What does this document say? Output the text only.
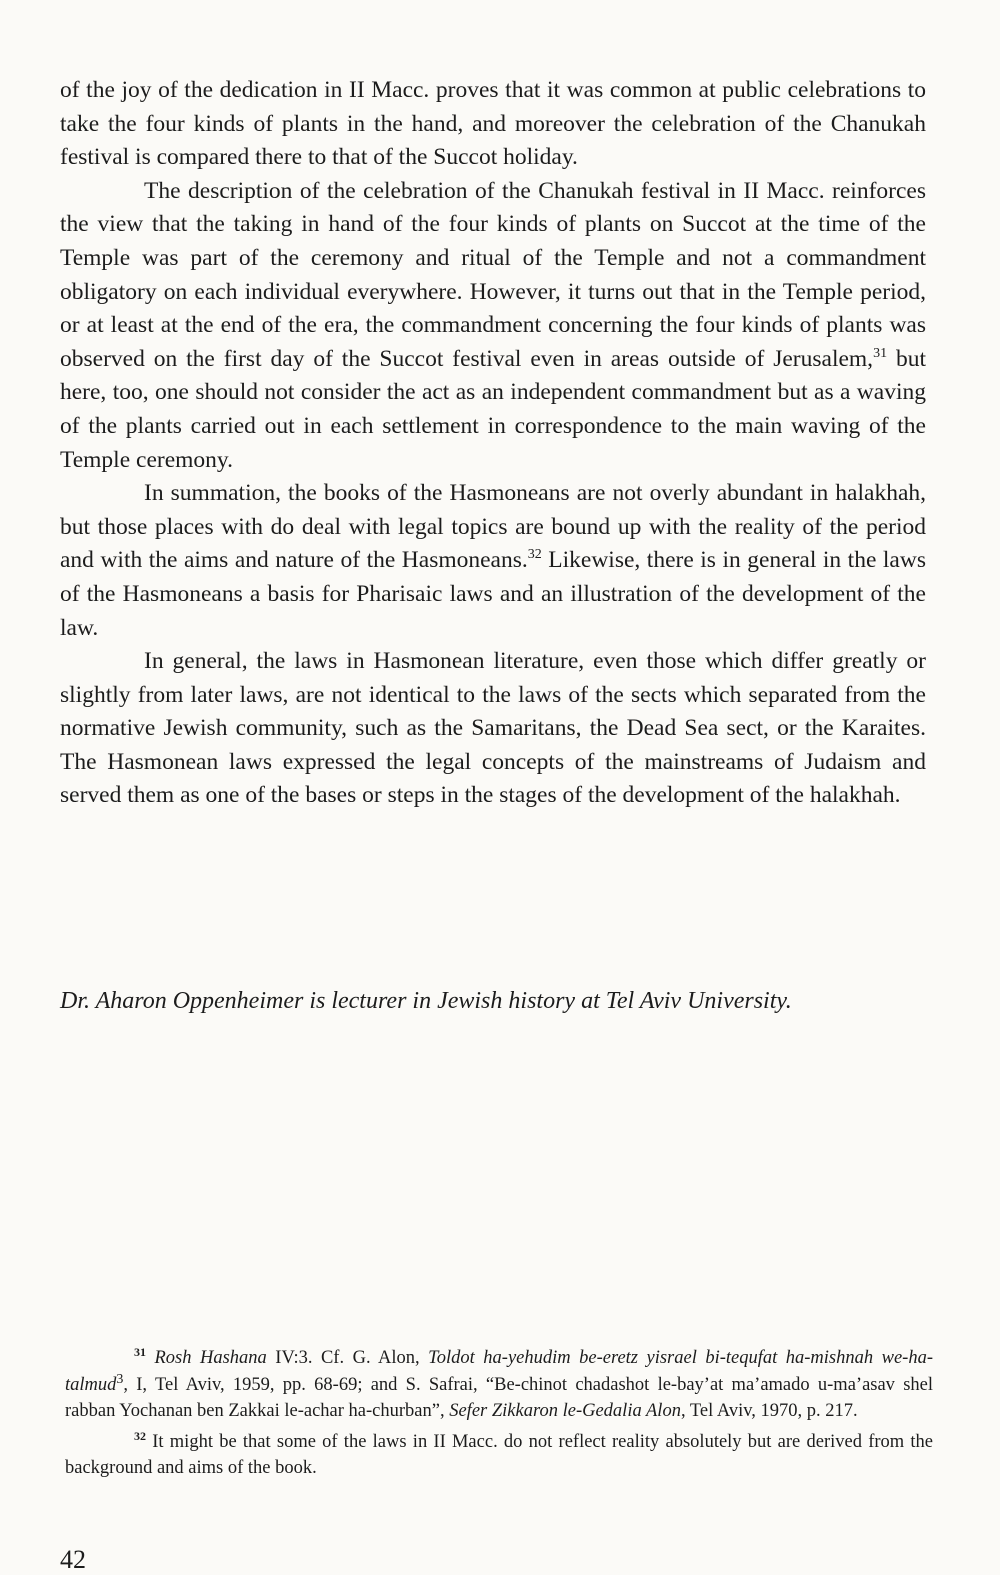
of the joy of the dedication in II Macc. proves that it was common at public celebrations to take the four kinds of plants in the hand, and moreover the celebration of the Chanukah festival is compared there to that of the Succot holiday.

The description of the celebration of the Chanukah festival in II Macc. reinforces the view that the taking in hand of the four kinds of plants on Succot at the time of the Temple was part of the ceremony and ritual of the Temple and not a commandment obligatory on each individual everywhere. However, it turns out that in the Temple period, or at least at the end of the era, the commandment concerning the four kinds of plants was observed on the first day of the Succot festival even in areas outside of Jerusalem,$^{31}$ but here, too, one should not consider the act as an independent commandment but as a waving of the plants carried out in each settlement in correspondence to the main waving of the Temple ceremony.

In summation, the books of the Hasmoneans are not overly abundant in halakhah, but those places with do deal with legal topics are bound up with the reality of the period and with the aims and nature of the Hasmoneans.$^{32}$ Likewise, there is in general in the laws of the Hasmoneans a basis for Pharisaic laws and an illustration of the development of the law.

In general, the laws in Hasmonean literature, even those which differ greatly or slightly from later laws, are not identical to the laws of the sects which separated from the normative Jewish community, such as the Samaritans, the Dead Sea sect, or the Karaites. The Hasmonean laws expressed the legal concepts of the mainstreams of Judaism and served them as one of the bases or steps in the stages of the development of the halakhah.

Dr. Aharon Oppenheimer is lecturer in Jewish history at Tel Aviv University.

$^{31}$ Rosh Hashana IV:3. Cf. G. Alon, Toldot ha-yehudim be-eretz yisrael bi-tequfat ha-mishnah we-ha-talmud$^3$, I, Tel Aviv, 1959, pp. 68-69; and S. Safrai, “Be-chinot chadashot le-bay’at ma’amado u-ma’asav shel rabban Yochanan ben Zakkai le-achar ha-churban”, Sefer Zikkaron le-Gedalia Alon, Tel Aviv, 1970, p. 217.

$^{32}$ It might be that some of the laws in II Macc. do not reflect reality absolutely but are derived from the background and aims of the book.

42
